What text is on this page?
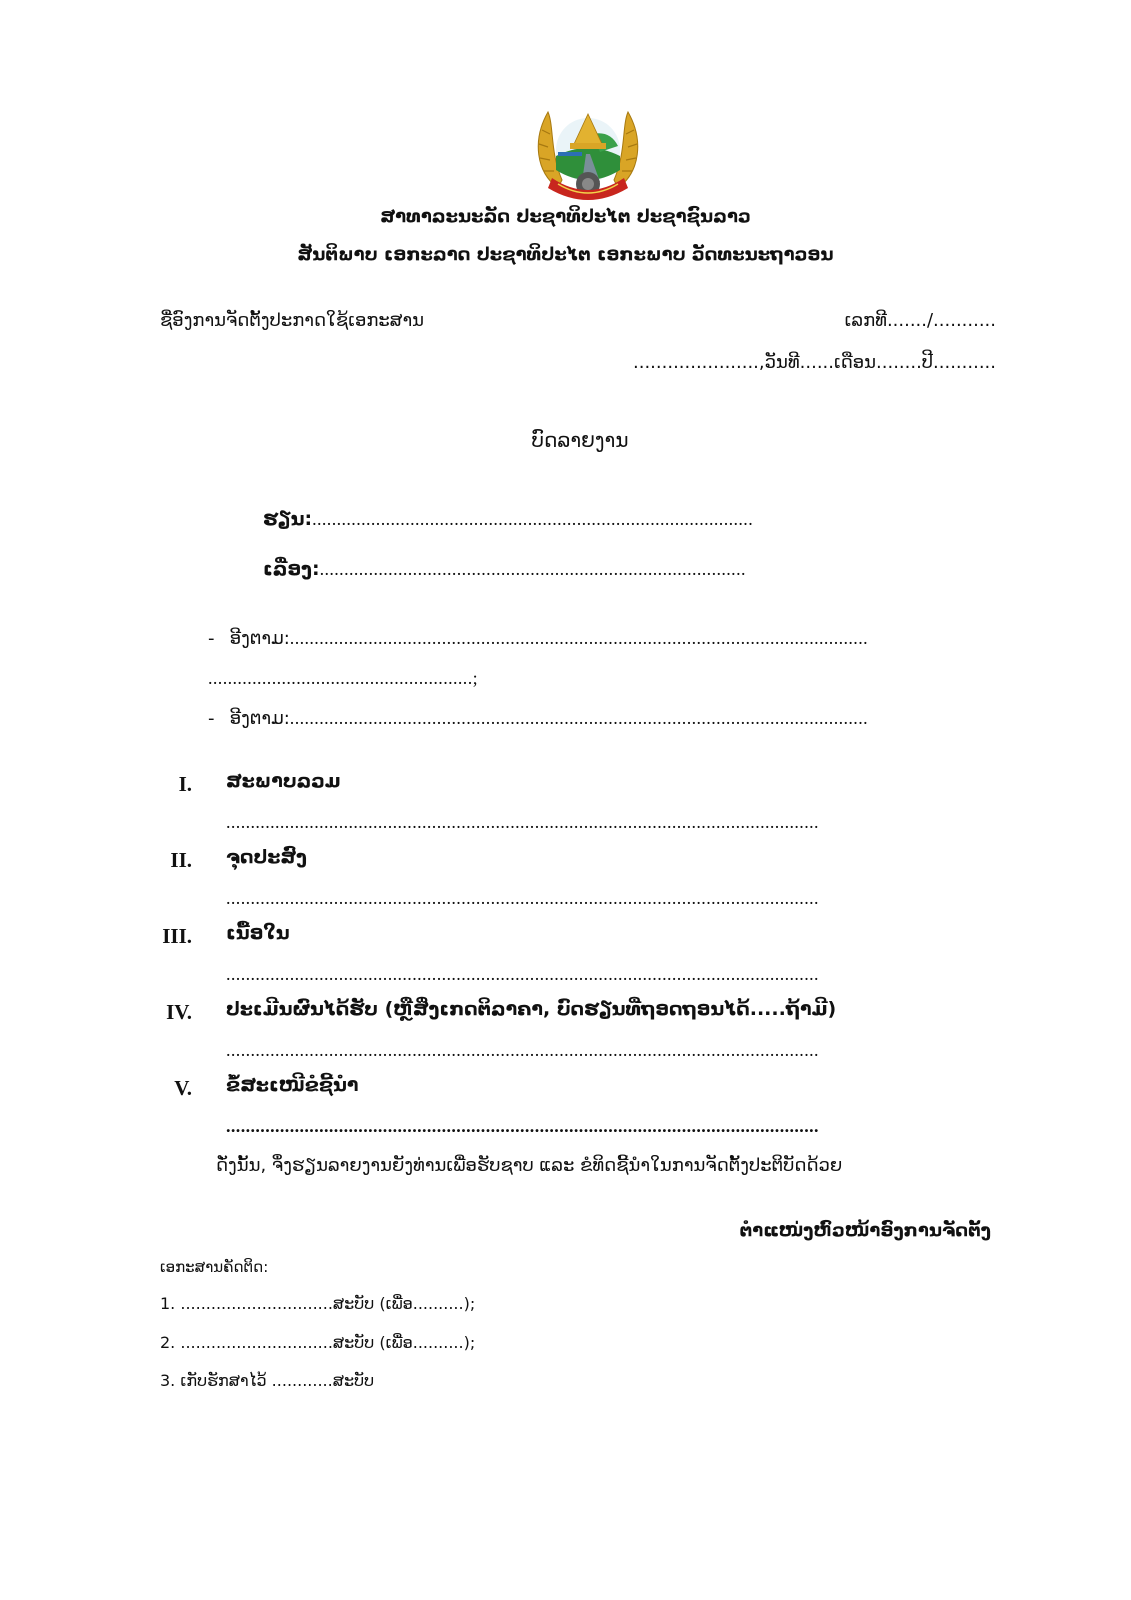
ສາທາລະນະລັດ ປະຊາທິປະໄຕ ປະຊາຊົນລາວ
ສັນຕິພາບ ເອກະລາດ ປະຊາທິປະໄຕ ເອກະພາບ ວັດທະນະຖາວອນ
ຊື່ອົງການຈັດຕັ້ງປະກາດໃຊ້ເອກະສານ	ເລກທີ......./...........
......................,ວັນທີ......ເດືອນ........ປີ...........
ບົດລາຍງານ
ຮຽນ:..........................................................................................
ເລື່ອງ:.......................................................................................
- ອີງຕາມ:......................................................................................................................
......................................................;
- ອີງຕາມ:......................................................................................................................
I. ສະພາບລວມ
.........................................................................................................................
II. ຈຸດປະສົງ
.........................................................................................................................
III. ເນື້ອໃນ
.........................................................................................................................
IV. ປະເມີນຜົນໄດ້ຮັບ (ຫຼືສິ່ງເກດຕິລາຄາ, ບົດຮຽນທີ່ຖອດຖອນໄດ້.....ຖ້າມີ)
.........................................................................................................................
V. ຂໍ້ສະເໜີຂໍຊີ້ນຳ
.........................................................................................................................
ດັ່ງນັ້ນ, ຈຶ່ງຮຽນລາຍງານຍັງທ່ານເພື່ອຮັບຊາບ ແລະ ຂໍທິດຊີ້ນຳໃນການຈັດຕັ້ງປະຕິບັດດ້ວຍ
ຕຳແໜ່ງຫົວໜ້າອົງການຈັດຕັ້ງ
ເອກະສານຄັດຕິດ:
1. ..............................ສະບັບ (ເພື່ອ..........);
2. ..............................ສະບັບ (ເພື່ອ..........);
3. ເກັບຮັກສາໄວ້ ............ສະບັບ
